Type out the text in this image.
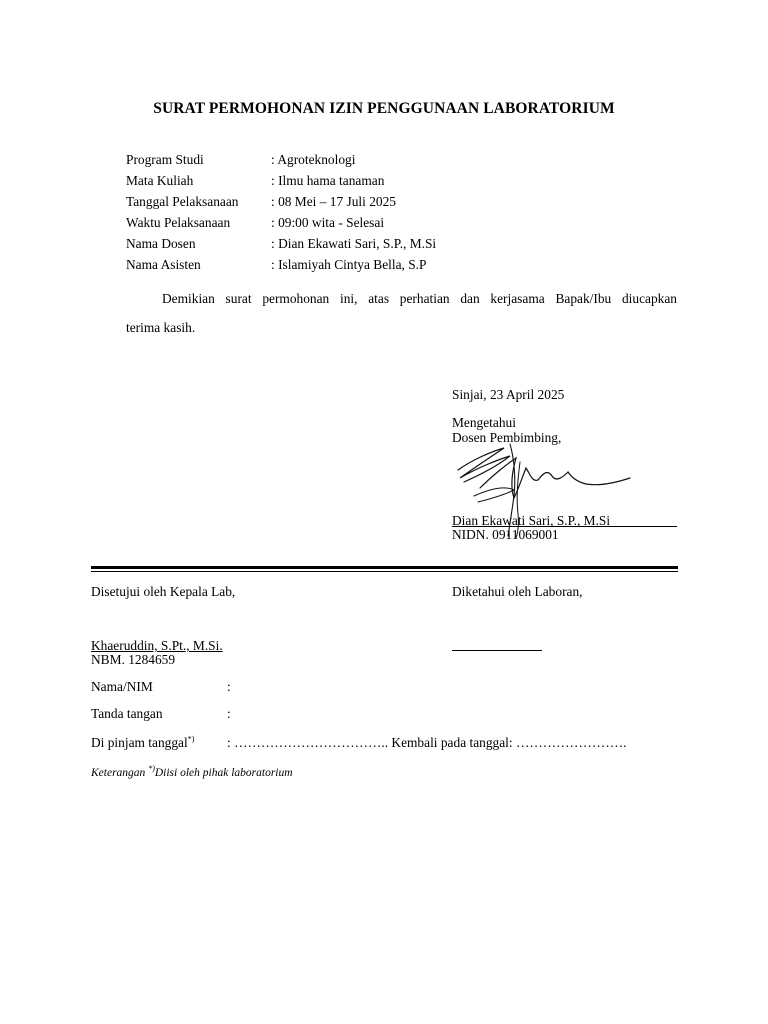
SURAT PERMOHONAN IZIN PENGGUNAAN LABORATORIUM
Program Studi	: Agroteknologi
Mata Kuliah	: Ilmu hama tanaman
Tanggal Pelaksanaan	: 08 Mei – 17 Juli 2025
Waktu Pelaksanaan	: 09:00 wita - Selesai
Nama Dosen	: Dian Ekawati Sari, S.P., M.Si
Nama Asisten	: Islamiyah Cintya Bella, S.P
Demikian surat permohonan ini, atas perhatian dan kerjasama Bapak/Ibu diucapkan
terima kasih.
Sinjai, 23 April 2025
Mengetahui
Dosen Pembimbing,
Dian Ekawati Sari, S.P., M.Si
NIDN. 0911069001
Disetujui oleh Kepala Lab,	Diketahui oleh Laboran,
Khaeruddin, S.Pt., M.Si.
NBM. 1284659
Nama/NIM	:
Tanda tangan	:
Di pinjam tanggal*) : …………………………….. Kembali pada tanggal: …………………….
Keterangan *)Diisi oleh pihak laboratorium
